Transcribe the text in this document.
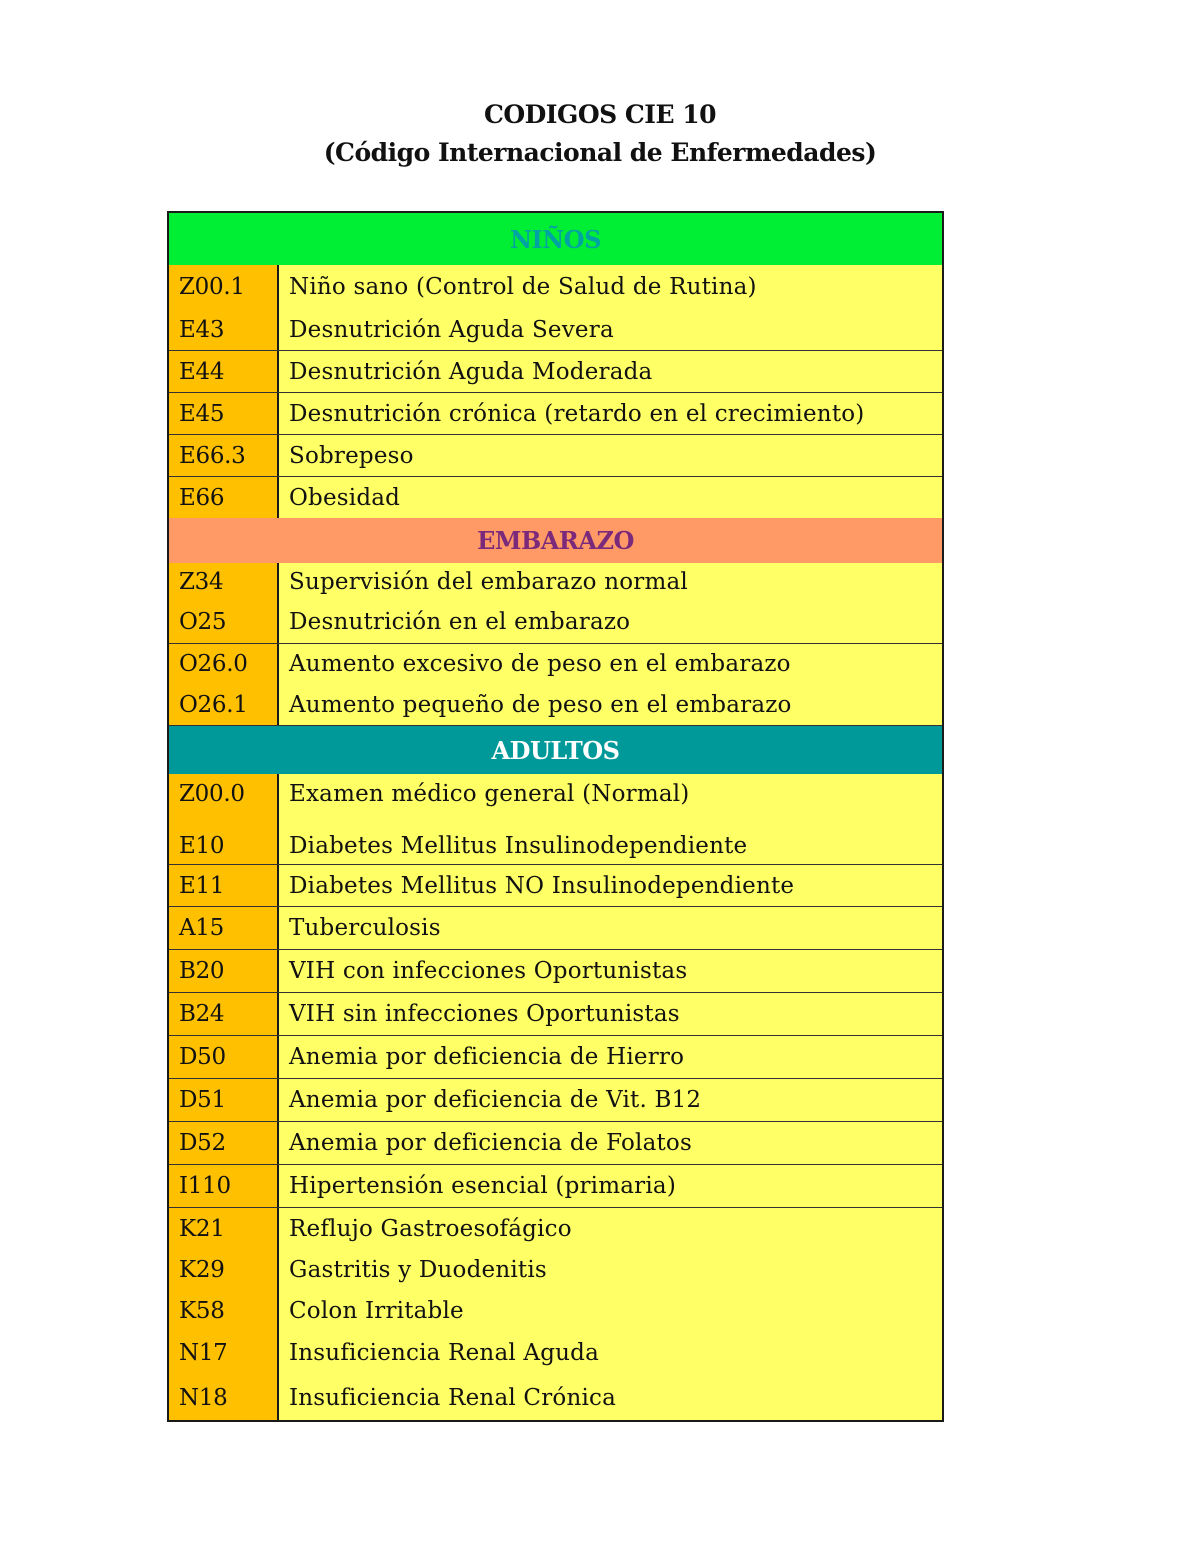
CODIGOS CIE 10
(Código Internacional de Enfermedades)
NIÑOS
Z00.1	Niño sano (Control de Salud de Rutina)
E43	Desnutrición Aguda Severa
E44	Desnutrición Aguda Moderada
E45	Desnutrición crónica (retardo en el crecimiento)
E66.3	Sobrepeso
E66	Obesidad
EMBARAZO
Z34	Supervisión del embarazo normal
O25	Desnutrición en el embarazo
O26.0	Aumento excesivo de peso en el embarazo
O26.1	Aumento pequeño de peso en el embarazo
ADULTOS
Z00.0	Examen médico general (Normal)
E10	Diabetes Mellitus Insulinodependiente
E11	Diabetes Mellitus NO Insulinodependiente
A15	Tuberculosis
B20	VIH con infecciones Oportunistas
B24	VIH sin infecciones Oportunistas
D50	Anemia por deficiencia de Hierro
D51	Anemia por deficiencia de Vit. B12
D52	Anemia por deficiencia de Folatos
I110	Hipertensión esencial (primaria)
K21	Reflujo Gastroesofágico
K29	Gastritis y Duodenitis
K58	Colon Irritable
N17	Insuficiencia Renal Aguda
N18	Insuficiencia Renal Crónica
